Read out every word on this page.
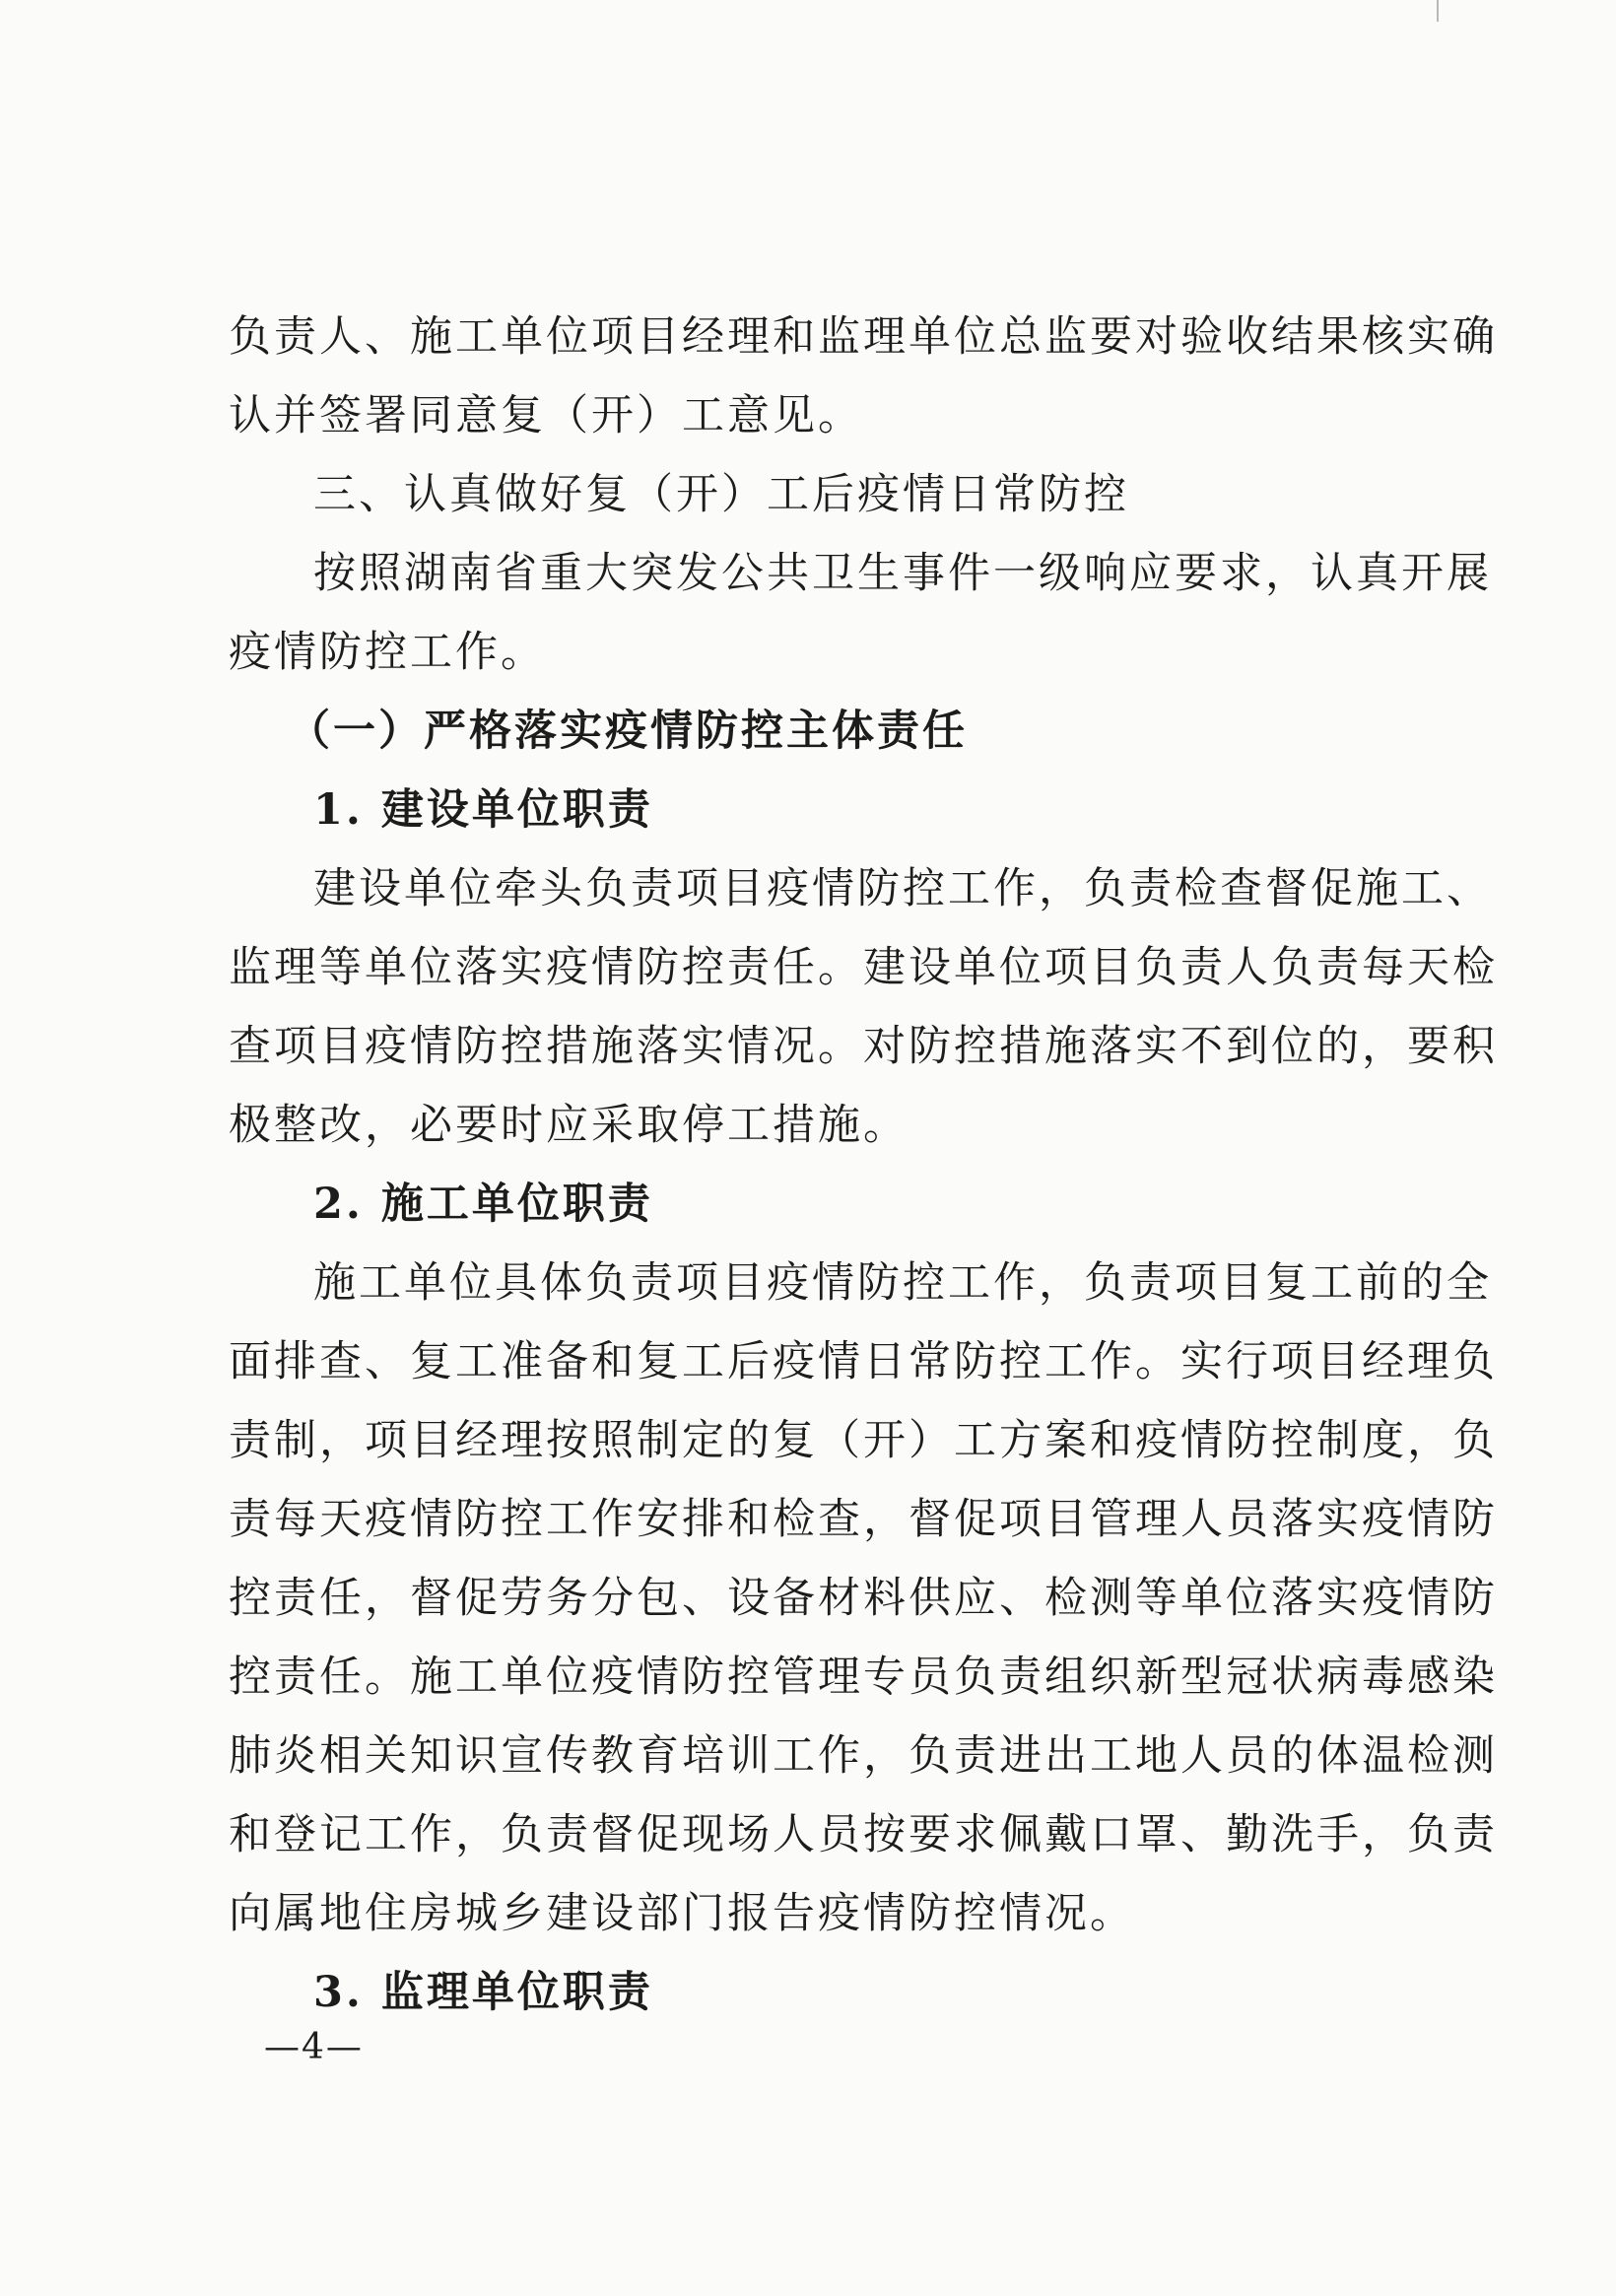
负责人、施工单位项目经理和监理单位总监要对验收结果核实确
认并签署同意复（开）工意见。
三、认真做好复（开）工后疫情日常防控
按照湖南省重大突发公共卫生事件一级响应要求，认真开展
疫情防控工作。
（一）严格落实疫情防控主体责任
1. 建设单位职责
建设单位牵头负责项目疫情防控工作，负责检查督促施工、
监理等单位落实疫情防控责任。建设单位项目负责人负责每天检
查项目疫情防控措施落实情况。对防控措施落实不到位的，要积
极整改，必要时应采取停工措施。
2. 施工单位职责
施工单位具体负责项目疫情防控工作，负责项目复工前的全
面排查、复工准备和复工后疫情日常防控工作。实行项目经理负
责制，项目经理按照制定的复（开）工方案和疫情防控制度，负
责每天疫情防控工作安排和检查，督促项目管理人员落实疫情防
控责任，督促劳务分包、设备材料供应、检测等单位落实疫情防
控责任。施工单位疫情防控管理专员负责组织新型冠状病毒感染
肺炎相关知识宣传教育培训工作，负责进出工地人员的体温检测
和登记工作，负责督促现场人员按要求佩戴口罩、勤洗手，负责
向属地住房城乡建设部门报告疫情防控情况。
3. 监理单位职责
—4—
